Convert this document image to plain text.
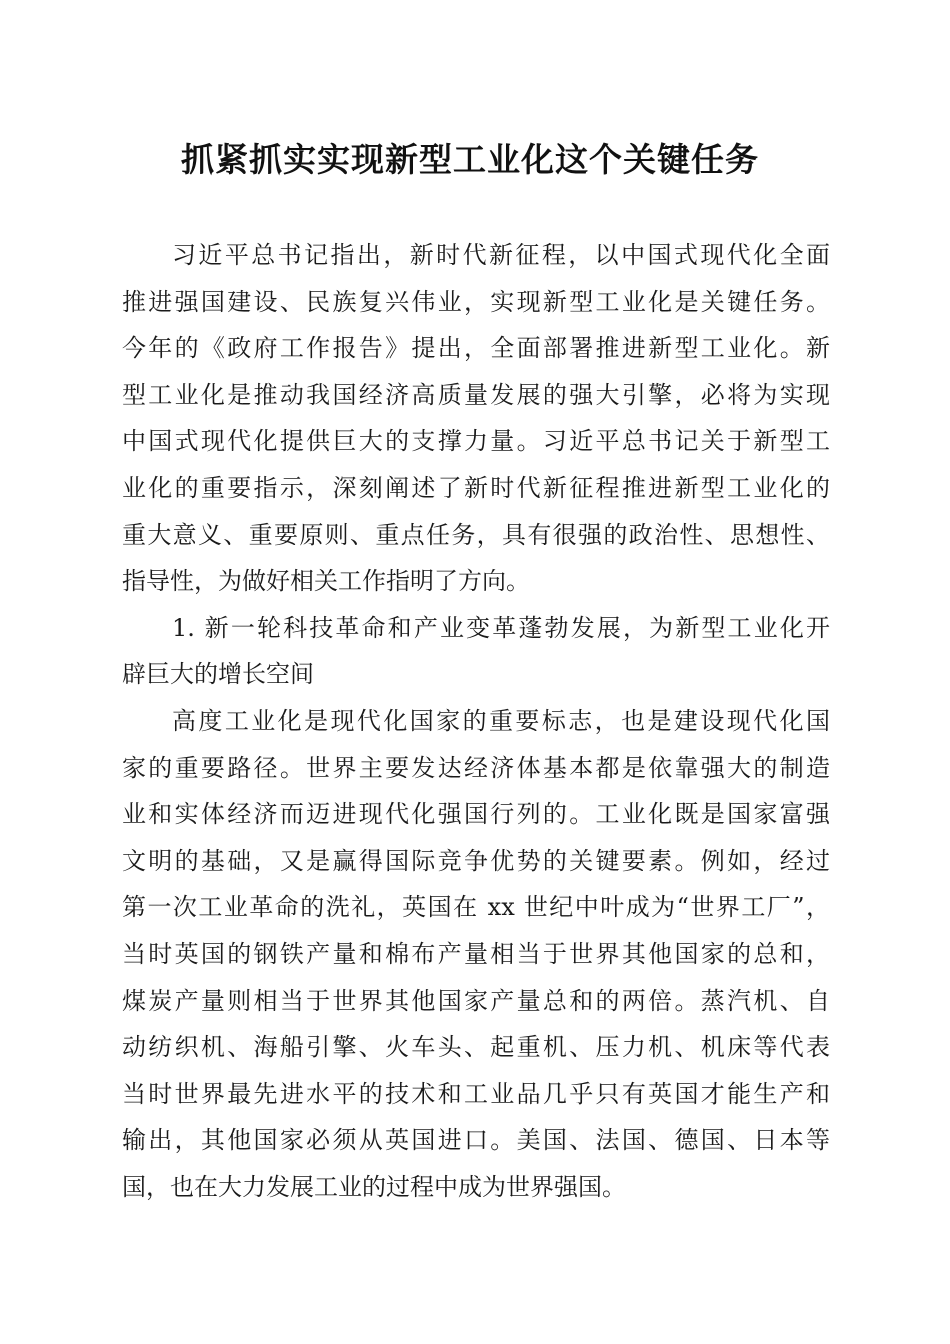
抓紧抓实实现新型工业化这个关键任务
习近平总书记指出，新时代新征程，以中国式现代化全面
推进强国建设、民族复兴伟业，实现新型工业化是关键任务。
今年的《政府工作报告》提出，全面部署推进新型工业化。新
型工业化是推动我国经济高质量发展的强大引擎，必将为实现
中国式现代化提供巨大的支撑力量。习近平总书记关于新型工
业化的重要指示，深刻阐述了新时代新征程推进新型工业化的
重大意义、重要原则、重点任务，具有很强的政治性、思想性、
指导性，为做好相关工作指明了方向。
1. 新一轮科技革命和产业变革蓬勃发展，为新型工业化开
辟巨大的增长空间
高度工业化是现代化国家的重要标志，也是建设现代化国
家的重要路径。世界主要发达经济体基本都是依靠强大的制造
业和实体经济而迈进现代化强国行列的。工业化既是国家富强
文明的基础，又是赢得国际竞争优势的关键要素。例如，经过
第一次工业革命的洗礼，英国在 xx 世纪中叶成为“世界工厂”，
当时英国的钢铁产量和棉布产量相当于世界其他国家的总和，
煤炭产量则相当于世界其他国家产量总和的两倍。蒸汽机、自
动纺织机、海船引擎、火车头、起重机、压力机、机床等代表
当时世界最先进水平的技术和工业品几乎只有英国才能生产和
输出，其他国家必须从英国进口。美国、法国、德国、日本等
国，也在大力发展工业的过程中成为世界强国。
